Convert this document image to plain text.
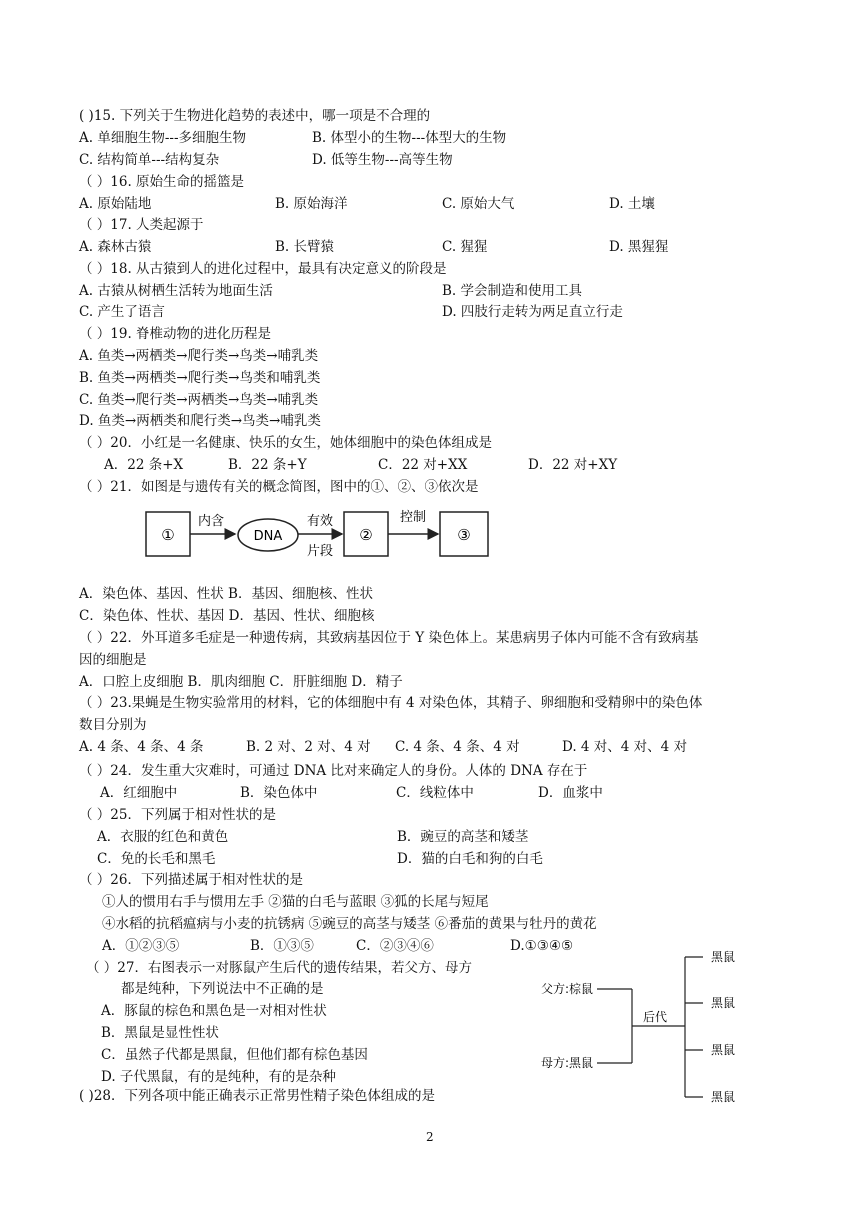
( )15. 下列关于生物进化趋势的表述中，哪一项是不合理的
A. 单细胞生物---多细胞生物	B. 体型小的生物---体型大的生物
C. 结构简单---结构复杂	D. 低等生物---高等生物
（ ）16. 原始生命的摇篮是
A. 原始陆地	B. 原始海洋	C. 原始大气	D. 土壤
（ ）17. 人类起源于
A. 森林古猿	B. 长臂猿	C. 猩猩	D. 黑猩猩
（ ）18. 从古猿到人的进化过程中，最具有决定意义的阶段是
A. 古猿从树栖生活转为地面生活	B. 学会制造和使用工具
C. 产生了语言	D. 四肢行走转为两足直立行走
（ ）19. 脊椎动物的进化历程是
A. 鱼类→两栖类→爬行类→鸟类→哺乳类
B. 鱼类→两栖类→爬行类→鸟类和哺乳类
C. 鱼类→爬行类→两栖类→鸟类→哺乳类
D. 鱼类→两栖类和爬行类→鸟类→哺乳类
（ ）20．小红是一名健康、快乐的女生，她体细胞中的染色体组成是
A．22 条+X	B．22 条+Y	C．22 对+XX	D．22 对+XY
（ ）21．如图是与遗传有关的概念简图，图中的①、②、③依次是
①
内含
DNA
有效
片段
②
控制
③
A．染色体、基因、性状 B．基因、细胞核、性状
C．染色体、性状、基因 D．基因、性状、细胞核
（ ）22．外耳道多毛症是一种遗传病，其致病基因位于 Y 染色体上。某患病男子体内可能不含有致病基
因的细胞是
A．口腔上皮细胞 B．肌肉细胞 C．肝脏细胞 D．精子
（ ）23.果蝇是生物实验常用的材料，它的体细胞中有 4 对染色体，其精子、卵细胞和受精卵中的染色体
数目分别为
A. 4 条、4 条、4 条	B. 2 对、2 对、4 对 C. 4 条、4 条、4 对	D. 4 对、4 对、4 对
（ ）24．发生重大灾难时，可通过 DNA 比对来确定人的身份。人体的 DNA 存在于
A．红细胞中	B．染色体中	C．线粒体中	D．血浆中
（ ）25．下列属于相对性状的是
A．衣服的红色和黄色	B．豌豆的高茎和矮茎
C．免的长毛和黑毛	D．猫的白毛和狗的白毛
（ ）26．下列描述属于相对性状的是
①人的惯用右手与惯用左手 ②猫的白毛与蓝眼 ③狐的长尾与短尾
④水稻的抗稻瘟病与小麦的抗锈病 ⑤豌豆的高茎与矮茎 ⑥番茄的黄果与牡丹的黄花
A．①②③⑤	B．①③⑤	C．②③④⑥	D.①③④⑤
（ ）27．右图表示一对豚鼠产生后代的遗传结果，若父方、母方
都是纯种，下列说法中不正确的是
A．豚鼠的棕色和黑色是一对相对性状
B．黑鼠是显性性状
C．虽然子代都是黑鼠，但他们都有棕色基因
D. 子代黑鼠，有的是纯种，有的是杂种
父方:棕鼠
母方:黑鼠
后代
黑鼠
黑鼠
黑鼠
黑鼠
( )28．下列各项中能正确表示正常男性精子染色体组成的是
2
